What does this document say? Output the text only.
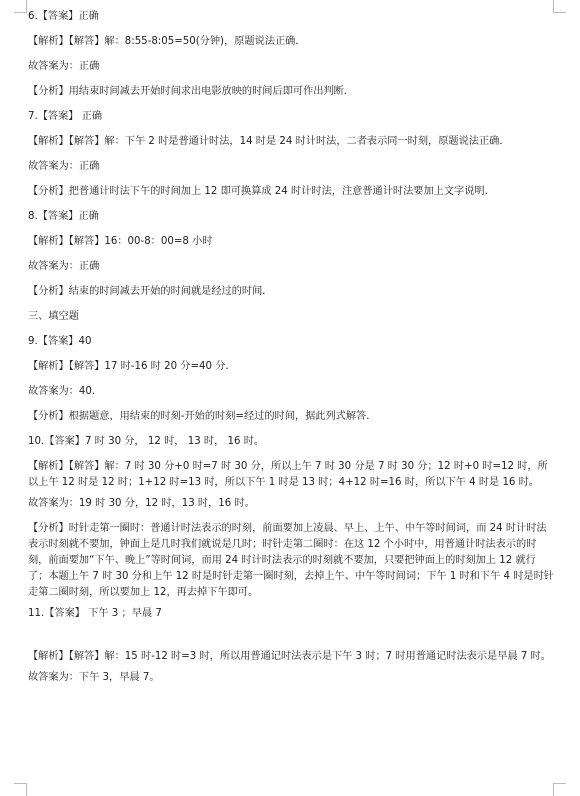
6.【答案】正确

【解析】【解答】解：8:55-8:05=50(分钟)，原题说法正确．

故答案为：正确

【分析】用结束时间减去开始时间求出电影放映的时间后即可作出判断．

7.【答案】 正确

【解析】【解答】解：下午 2 时是普通计时法，14 时是 24 时计时法，二者表示同一时刻，原题说法正确．

故答案为：正确

【分析】把普通计时法下午的时间加上 12 即可换算成 24 时计时法，注意普通计时法要加上文字说明．

8.【答案】正确

【解析】【解答】16：00-8：00=8 小时

故答案为：正确

【分析】结束的时间减去开始的时间就是经过的时间．

三、填空题

9.【答案】40

【解析】【解答】17 时-16 时 20 分=40 分．

故答案为：40．

【分析】根据题意，用结束的时刻-开始的时刻=经过的时间，据此列式解答．

10.【答案】7 时 30 分， 12 时， 13 时， 16 时。

【解析】【解答】解：7 时 30 分+0 时=7 时 30 分，所以上午 7 时 30 分是 7 时 30 分；12 时+0 时=12 时，所以上午 12 时是 12 时；1+12 时=13 时，所以下午 1 时是 13 时；4+12 时=16 时，所以下午 4 时是 16 时。

故答案为：19 时 30 分，12 时，13 时，16 时。

【分析】时针走第一圈时：普通计时法表示的时刻，前面要加上凌晨、早上、上午、中午等时间词，而 24 时计时法表示时刻就不要加，钟面上是几时我们就说是几时；时针走第二圈时：在这 12 个小时中，用普通计时法表示的时刻，前面要加“下午、晚上”等时间词，而用 24 时计时法表示的时刻就不要加，只要把钟面上的时刻加上 12 就行了；本题上午 7 时 30 分和上午 12 时是时针走第一圈时刻，去掉上午、中午等时间词；下午 1 时和下午 4 时是时针走第二圈时刻，所以要加上 12，再去掉下午即可。

11.【答案】 下午 3 ；早晨 7

【解析】【解答】解：15 时-12 时=3 时，所以用普通记时法表示是下午 3 时；7 时用普通记时法表示是早晨 7 时。

故答案为：下午 3，早晨 7。
